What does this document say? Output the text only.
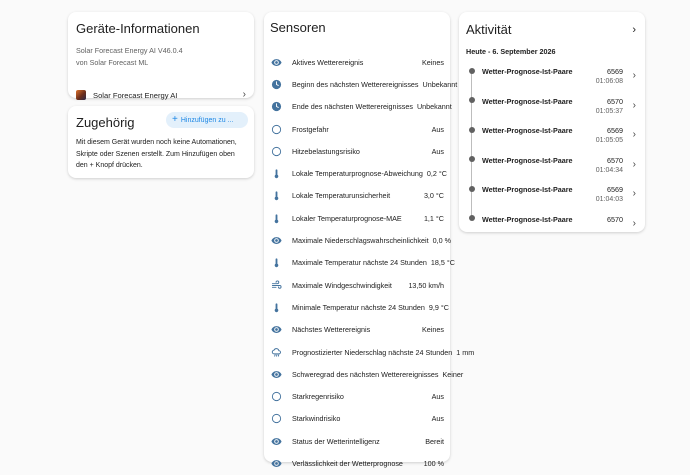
Geräte-Informationen
Solar Forecast Energy AI V46.0.4
von Solar Forecast ML
Solar Forecast Energy AI	›
Zugehörig	+ Hinzufügen zu ...
Mit diesem Gerät wurden noch keine Automationen, Skripte oder Szenen erstellt. Zum Hinzufügen oben den + Knopf drücken.
Sensoren
Aktives Wetterereignis	Keines
Beginn des nächsten Wetterereignisses Unbekannt
Ende des nächsten Wetterereignisses Unbekannt
Frostgefahr	Aus
Hitzebelastungsrisiko	Aus
Lokale Temperaturprognose-Abweichung 0,2 °C
Lokale Temperaturunsicherheit	3,0 °C
Lokaler Temperaturprognose-MAE	1,1 °C
Maximale Niederschlagswahrscheinlichkeit 0,0 %
Maximale Temperatur nächste 24 Stunden 18,5 °C
Maximale Windgeschwindigkeit	13,50 km/h
Minimale Temperatur nächste 24 Stunden 9,9 °C
Nächstes Wetterereignis	Keines
Prognostizierter Niederschlag nächste 24 Stunden 1 mm
Schweregrad des nächsten Wetterereignisses Keiner
Starkregenrisiko	Aus
Starkwindrisiko	Aus
Status der Wetterintelligenz	Bereit
Verlässlichkeit der Wetterprognose	100 %
Aktivität	›
Heute - 6. September 2026
Wetter-Prognose-Ist-Paare	6569
01:06:08
›
Wetter-Prognose-Ist-Paare	6570
01:05:37
›
Wetter-Prognose-Ist-Paare	6569
01:05:05
›
Wetter-Prognose-Ist-Paare	6570
01:04:34
›
Wetter-Prognose-Ist-Paare	6569
01:04:03
›
Wetter-Prognose-Ist-Paare	6570 ›
